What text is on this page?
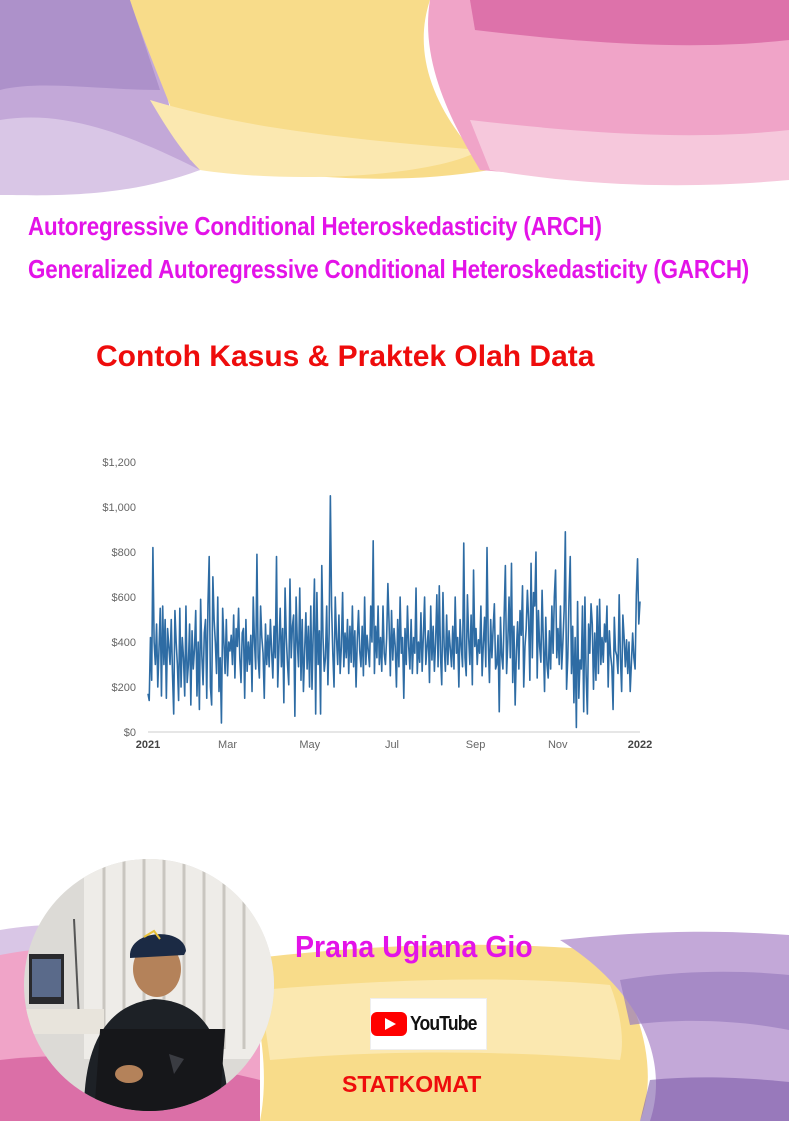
Autoregressive Conditional Heteroskedasticity (ARCH)
Generalized Autoregressive Conditional Heteroskedasticity (GARCH)
Contoh Kasus & Praktek Olah Data
$0
$200
$400
$600
$800
$1,000
$1,200
2021	Mar	May	Jul	Sep	Nov	2022
Prana Ugiana Gio
YouTube
STATKOMAT
